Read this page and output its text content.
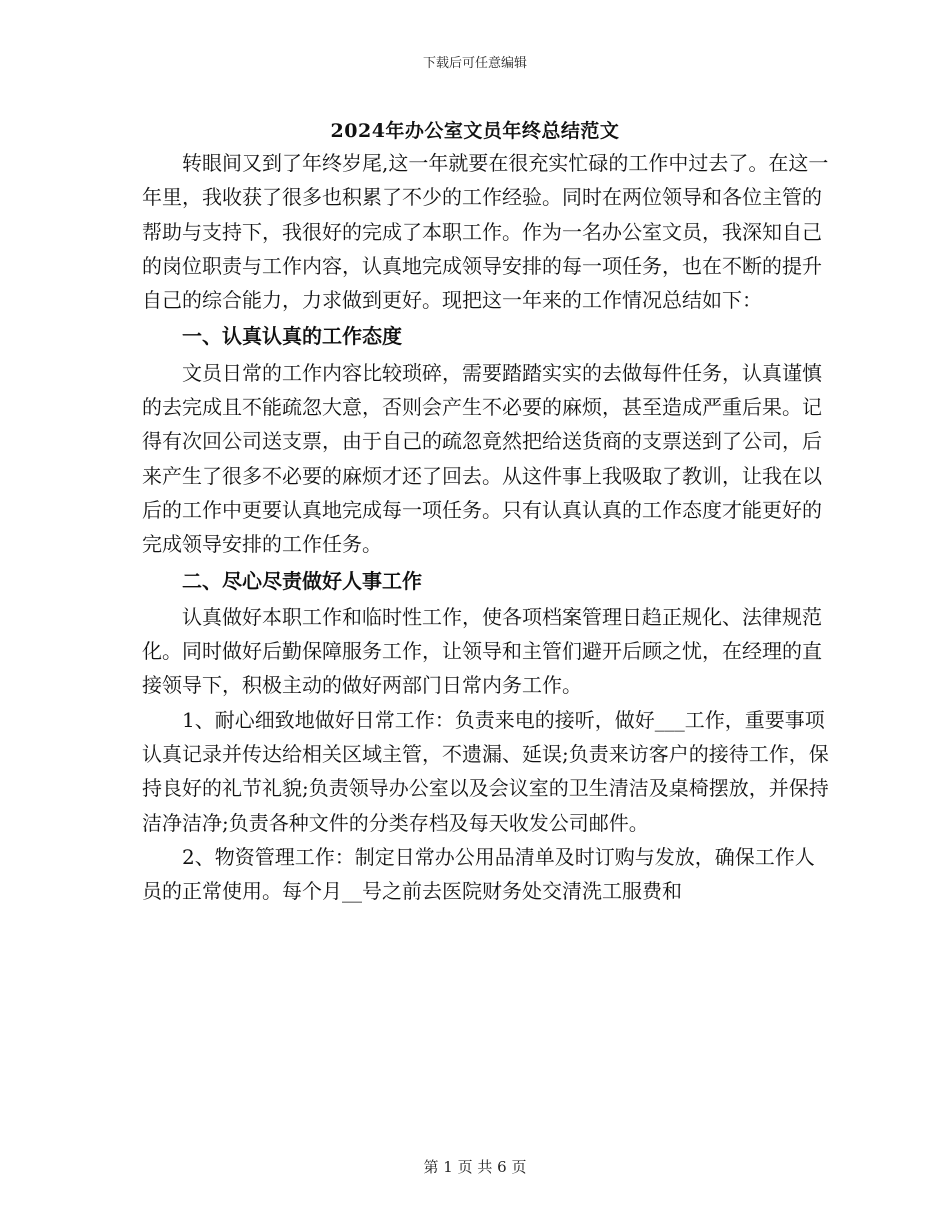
下载后可任意编辑
2024年办公室文员年终总结范文

转眼间又到了年终岁尾,这一年就要在很充实忙碌的工作中过去了。在这一年里，我收获了很多也积累了不少的工作经验。同时在两位领导和各位主管的帮助与支持下，我很好的完成了本职工作。作为一名办公室文员，我深知自己的岗位职责与工作内容，认真地完成领导安排的每一项任务，也在不断的提升自己的综合能力，力求做到更好。现把这一年来的工作情况总结如下：

一、认真认真的工作态度

文员日常的工作内容比较琐碎，需要踏踏实实的去做每件任务，认真谨慎的去完成且不能疏忽大意，否则会产生不必要的麻烦，甚至造成严重后果。记得有次回公司送支票，由于自己的疏忽竟然把给送货商的支票送到了公司，后来产生了很多不必要的麻烦才还了回去。从这件事上我吸取了教训，让我在以后的工作中更要认真地完成每一项任务。只有认真认真的工作态度才能更好的完成领导安排的工作任务。

二、尽心尽责做好人事工作

认真做好本职工作和临时性工作，使各项档案管理日趋正规化、法律规范化。同时做好后勤保障服务工作，让领导和主管们避开后顾之忧，在经理的直接领导下，积极主动的做好两部门日常内务工作。

1、耐心细致地做好日常工作：负责来电的接听，做好___工作，重要事项认真记录并传达给相关区域主管，不遗漏、延误;负责来访客户的接待工作，保持良好的礼节礼貌;负责领导办公室以及会议室的卫生清洁及桌椅摆放，并保持洁净洁净;负责各种文件的分类存档及每天收发公司邮件。

2、物资管理工作：制定日常办公用品清单及时订购与发放，确保工作人员的正常使用。每个月__号之前去医院财务处交清洗工服费和

第 1 页 共 6 页
